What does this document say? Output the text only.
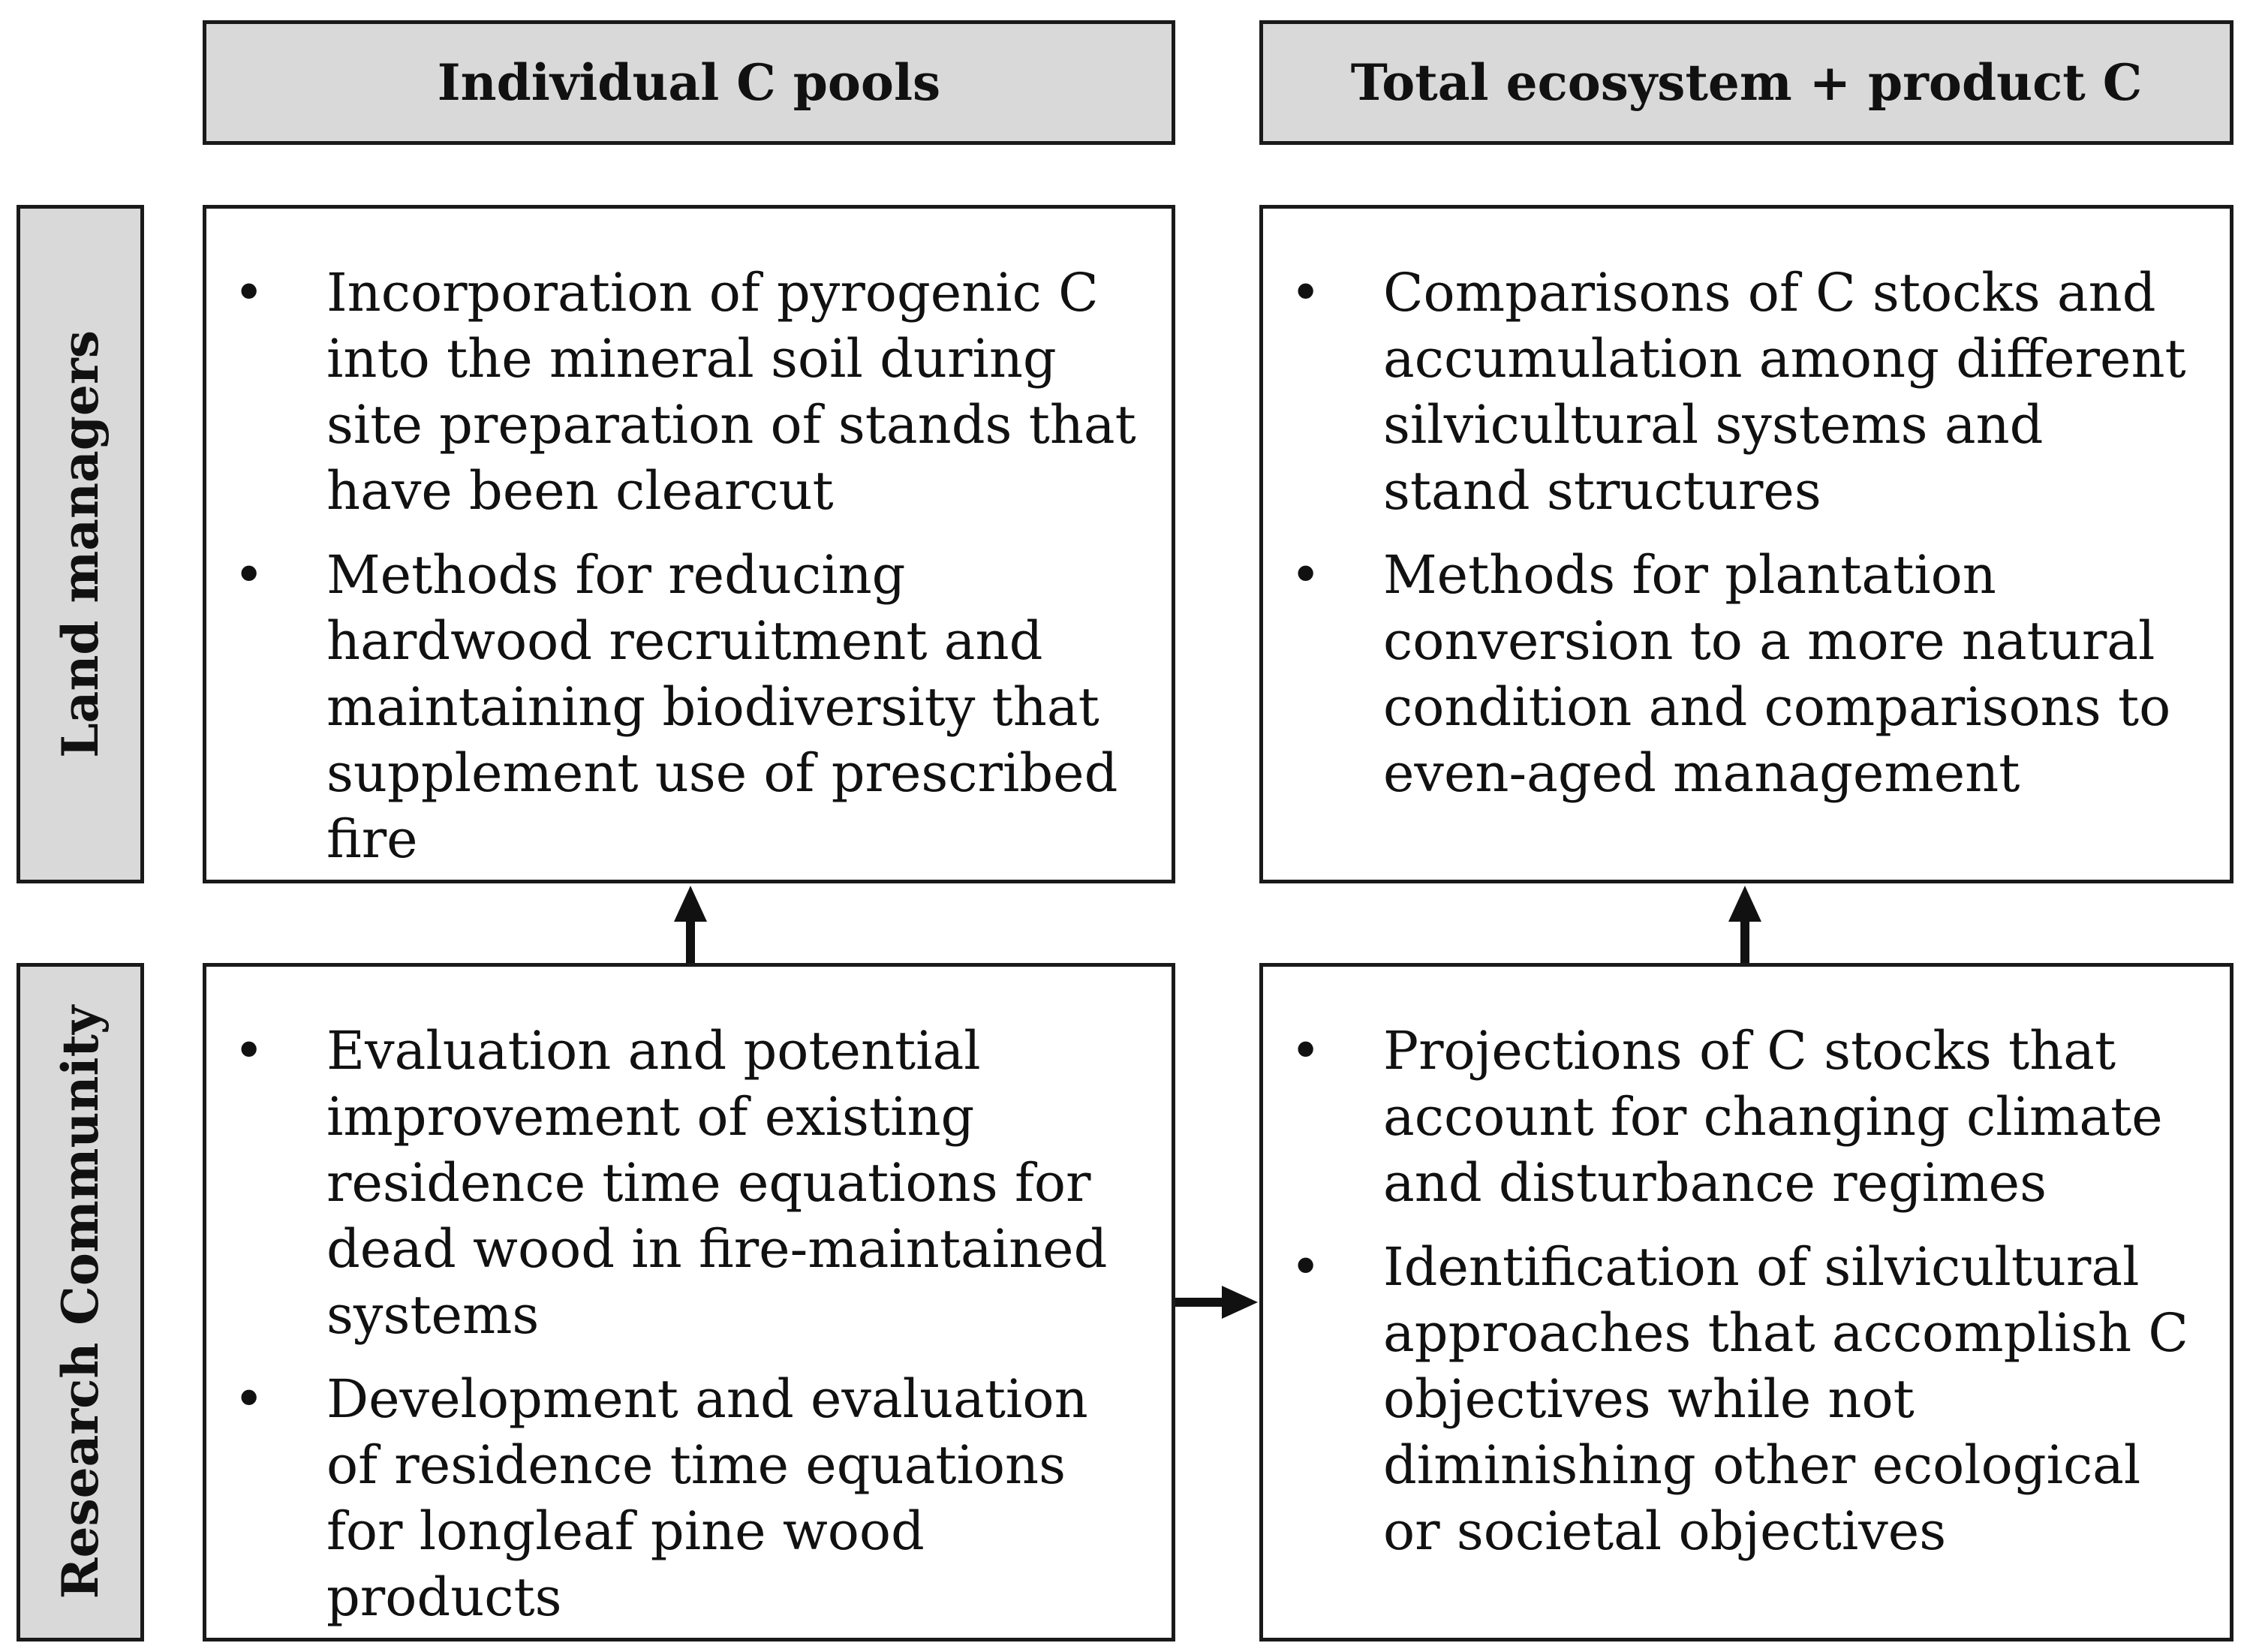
Individual C pools	Total ecosystem + product C
Land managers
Research Community
• Incorporation of pyrogenic C into the mineral soil during site preparation of stands that have been clearcut
• Methods for reducing hardwood recruitment and maintaining biodiversity that supplement use of prescribed fire
• Comparisons of C stocks and accumulation among different silvicultural systems and stand structures
• Methods for plantation conversion to a more natural condition and comparisons to even-aged management
• Evaluation and potential improvement of existing residence time equations for dead wood in fire-maintained systems
• Development and evaluation of residence time equations for longleaf pine wood products
• Projections of C stocks that account for changing climate and disturbance regimes
• Identification of silvicultural approaches that accomplish C objectives while not diminishing other ecological or societal objectives
